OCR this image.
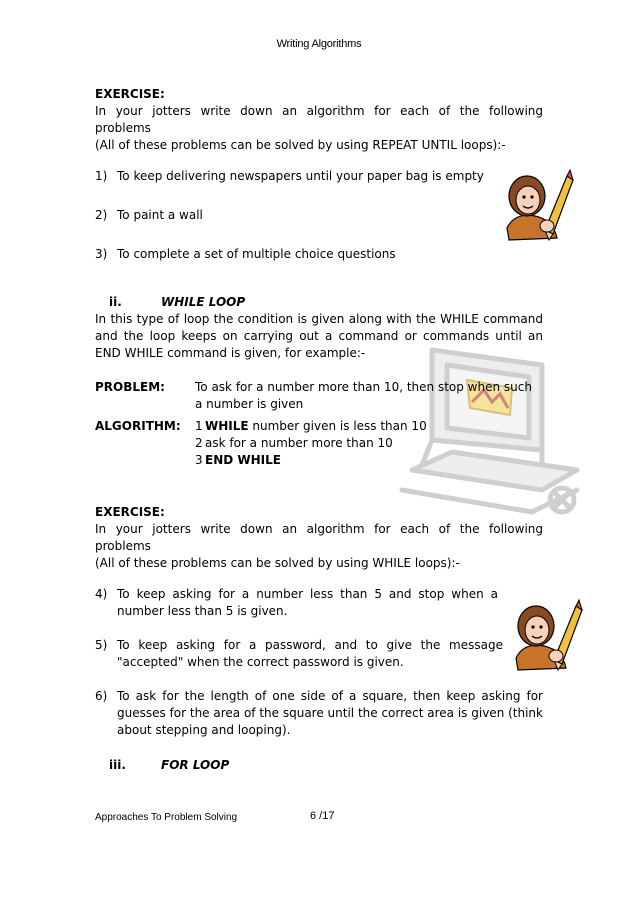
Writing Algorithms

EXERCISE:

In your jotters write down an algorithm for each of the following

problems

(All of these problems can be solved by using REPEAT UNTIL loops):-

1) To keep delivering newspapers until your paper bag is empty
2) To paint a wall
3) To complete a set of multiple choice questions
ii.	WHILE LOOP

In this type of loop the condition is given along with the WHILE command and the loop keeps on carrying out a command or commands until an END WHILE command is given, for example:-

PROBLEM:	To ask for a number more than 10, then stop when such a number is given
ALGORITHM:	1 WHILE number given is less than 10
2 ask for a number more than 10
3 END WHILE

EXERCISE:

In your jotters write down an algorithm for each of the following

problems

(All of these problems can be solved by using WHILE loops):-

4) To keep asking for a number less than 5 and stop when a number less than 5 is given.
5) To keep asking for a password, and to give the message "accepted" when the correct password is given.
6) To ask for the length of one side of a square, then keep asking for guesses for the area of the square until the correct area is given (think about stepping and looping).
iii.	FOR LOOP
Approaches To Problem Solving	6 /17
